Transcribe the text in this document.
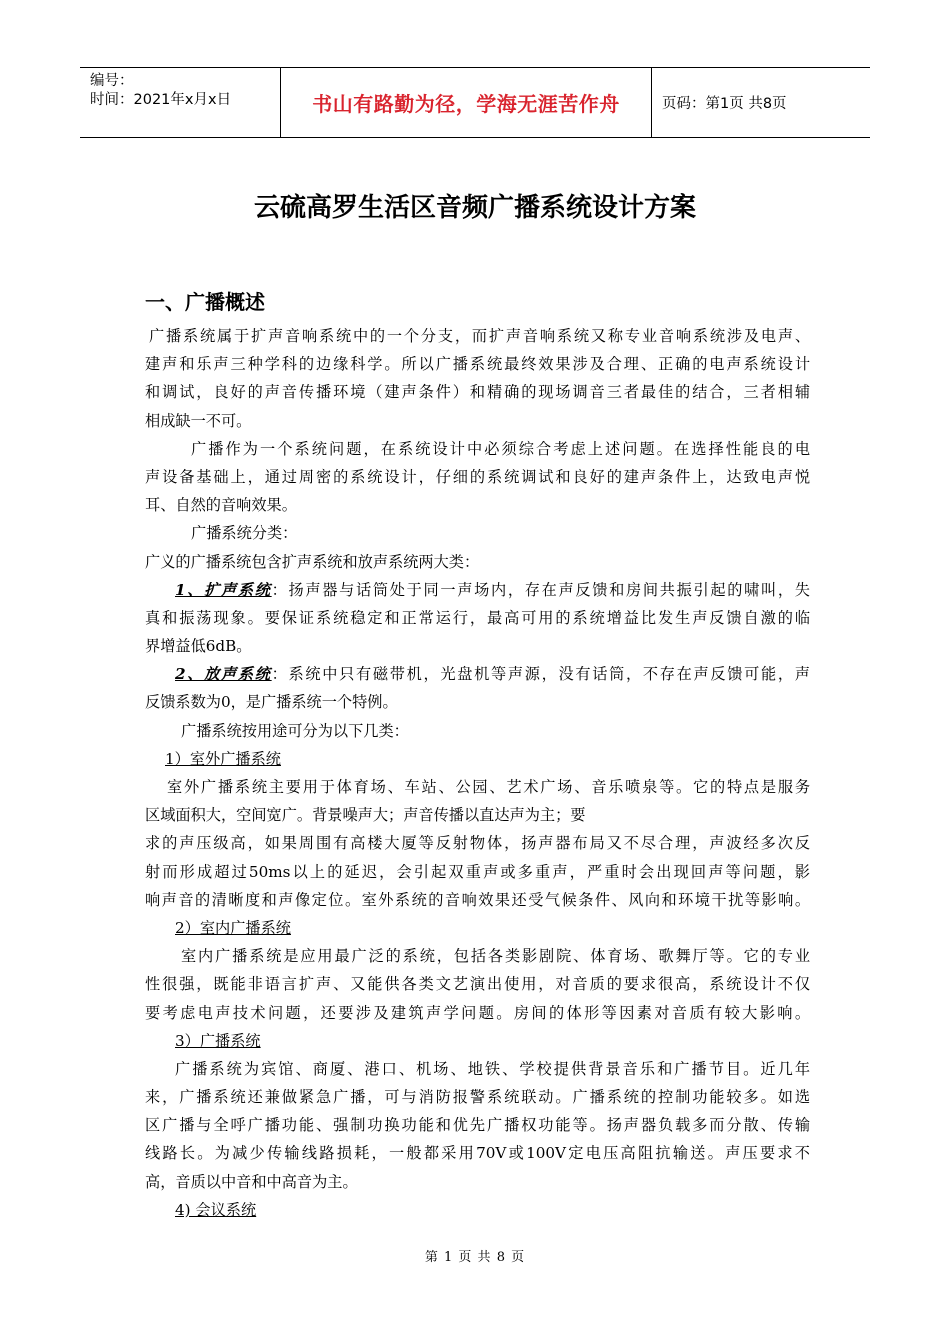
编号：
时间：2021年x月x日	书山有路勤为径，学海无涯苦作舟	页码：第1页 共8页
云硫高罗生活区音频广播系统设计方案
一、广播概述
广播系统属于扩声音响系统中的一个分支，而扩声音响系统又称专业音响系统涉及电声、
建声和乐声三种学科的边缘科学。所以广播系统最终效果涉及合理、正确的电声系统设计
和调试，良好的声音传播环境（建声条件）和精确的现场调音三者最佳的结合，三者相辅
相成缺一不可。
广播作为一个系统问题，在系统设计中必须综合考虑上述问题。在选择性能良的电
声设备基础上，通过周密的系统设计，仔细的系统调试和良好的建声条件上，达致电声悦
耳、自然的音响效果。
广播系统分类：
广义的广播系统包含扩声系统和放声系统两大类：
1、扩声系统：扬声器与话筒处于同一声场内，存在声反馈和房间共振引起的啸叫，失
真和振荡现象。要保证系统稳定和正常运行，最高可用的系统增益比发生声反馈自激的临
界增益低6dB。
2、放声系统：系统中只有磁带机，光盘机等声源，没有话筒，不存在声反馈可能，声
反馈系数为0，是广播系统一个特例。
广播系统按用途可分为以下几类：
1）室外广播系统
室外广播系统主要用于体育场、车站、公园、艺术广场、音乐喷泉等。它的特点是服务
区域面积大，空间宽广。背景噪声大；声音传播以直达声为主；要
求的声压级高，如果周围有高楼大厦等反射物体，扬声器布局又不尽合理，声波经多次反
射而形成超过50ms以上的延迟，会引起双重声或多重声，严重时会出现回声等问题，影
响声音的清晰度和声像定位。室外系统的音响效果还受气候条件、风向和环境干扰等影响。
2）室内广播系统
室内广播系统是应用最广泛的系统，包括各类影剧院、体育场、歌舞厅等。它的专业
性很强，既能非语言扩声、又能供各类文艺演出使用，对音质的要求很高，系统设计不仅
要考虑电声技术问题，还要涉及建筑声学问题。房间的体形等因素对音质有较大影响。
3）广播系统
广播系统为宾馆、商厦、港口、机场、地铁、学校提供背景音乐和广播节目。近几年
来，广播系统还兼做紧急广播，可与消防报警系统联动。广播系统的控制功能较多。如选
区广播与全呼广播功能、强制功换功能和优先广播权功能等。扬声器负载多而分散、传输
线路长。为减少传输线路损耗，一般都采用70V或100V定电压高阻抗输送。声压要求不
高，音质以中音和中高音为主。
4) 会议系统
第 1 页 共 8 页
